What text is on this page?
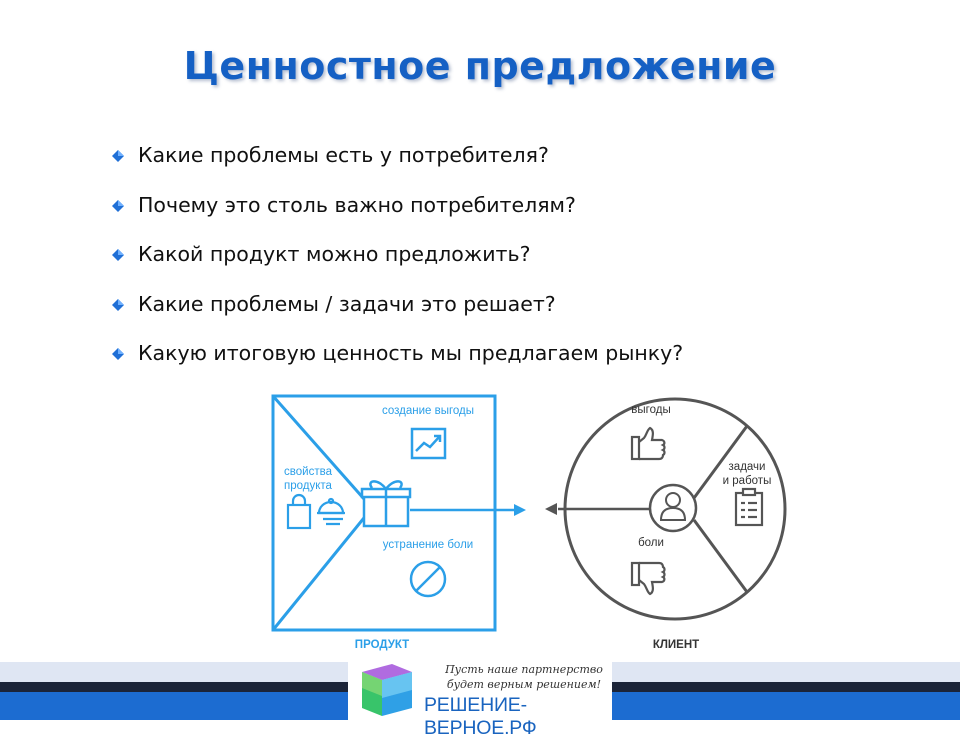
Ценностное предложение
Какие проблемы есть у потребителя?
Почему это столь важно потребителям?
Какой продукт можно предложить?
Какие проблемы / задачи это решает?
Какую итоговую ценность мы предлагаем рынку?
создание выгоды
свойства
продукта
устранение боли
ПРОДУКТ
выгоды
задачи
и работы
боли
КЛИЕНТ
Пусть наше партнерство
будет верным решением!
РЕШЕНИЕ-ВЕРНОЕ.РФ
